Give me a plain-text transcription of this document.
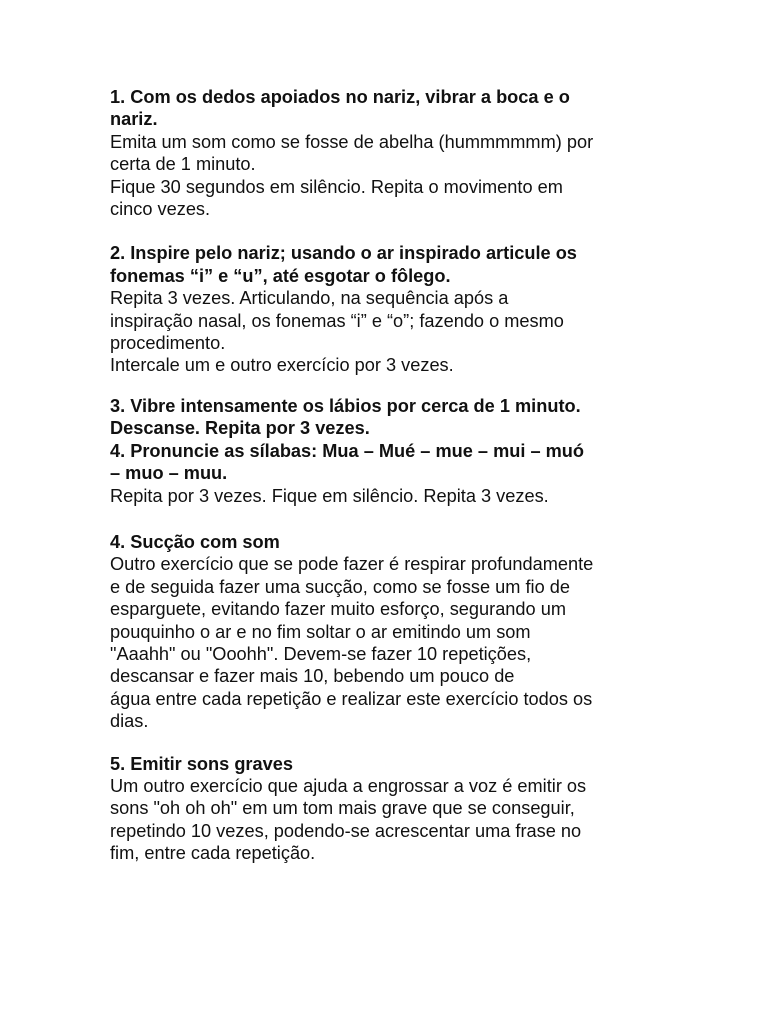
1. Com os dedos apoiados no nariz, vibrar a boca e o
nariz.
Emita um som como se fosse de abelha (hummmmmm) por
certa de 1 minuto.
Fique 30 segundos em silêncio. Repita o movimento em
cinco vezes.
2. Inspire pelo nariz; usando o ar inspirado articule os
fonemas “i” e “u”, até esgotar o fôlego.
Repita 3 vezes. Articulando, na sequência após a
inspiração nasal, os fonemas “i” e “o”; fazendo o mesmo
procedimento.
Intercale um e outro exercício por 3 vezes.
3. Vibre intensamente os lábios por cerca de 1 minuto.
Descanse. Repita por 3 vezes.
4. Pronuncie as sílabas: Mua – Mué – mue – mui – muó
– muo – muu.
Repita por 3 vezes. Fique em silêncio. Repita 3 vezes.
4. Sucção com som
Outro exercício que se pode fazer é respirar profundamente
e de seguida fazer uma sucção, como se fosse um fio de
esparguete, evitando fazer muito esforço, segurando um
pouquinho o ar e no fim soltar o ar emitindo um som
"Aaahh" ou "Ooohh". Devem-se fazer 10 repetições,
descansar e fazer mais 10, bebendo um pouco de
água entre cada repetição e realizar este exercício todos os
dias.
5. Emitir sons graves
Um outro exercício que ajuda a engrossar a voz é emitir os
sons "oh oh oh" em um tom mais grave que se conseguir,
repetindo 10 vezes, podendo-se acrescentar uma frase no
fim, entre cada repetição.
